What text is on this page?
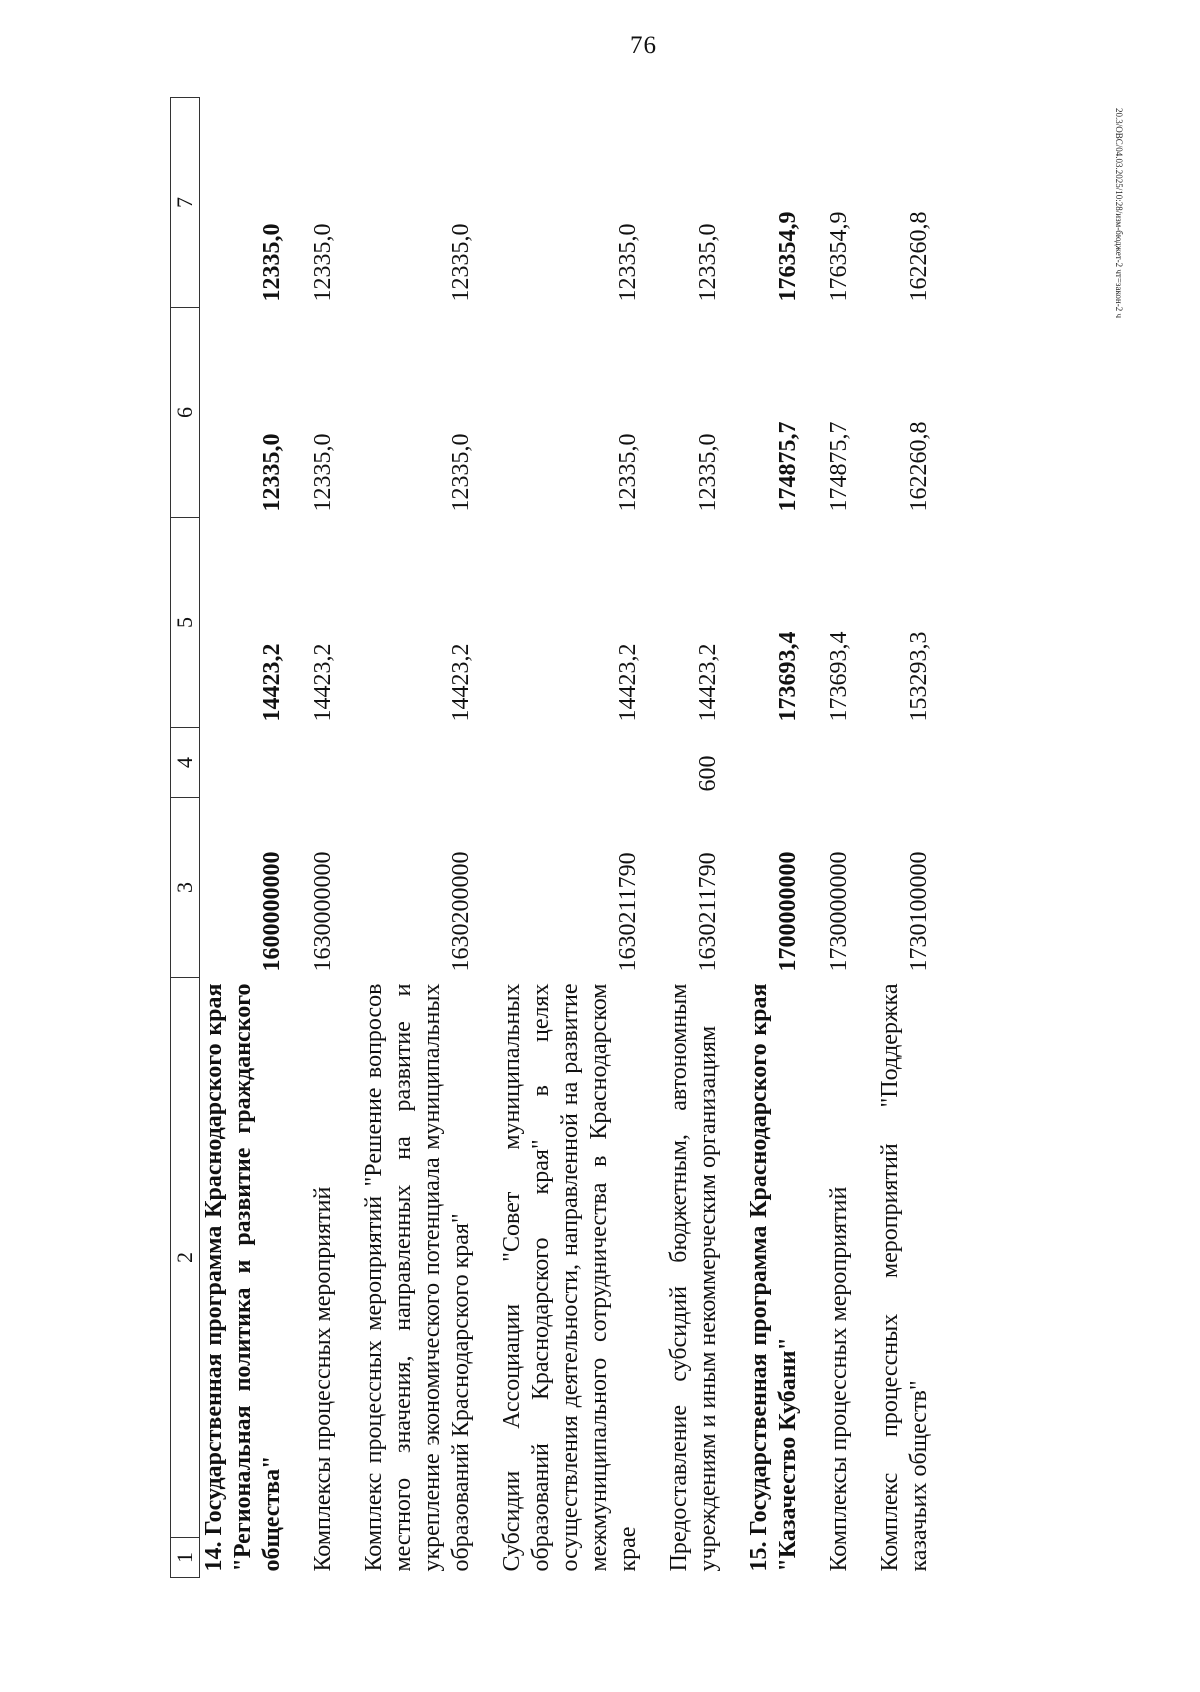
76
20.3/ОВС/04.03.2025/10:28/изм-бюджет-2 чт=закон-2 ч
1	2	3	4	5	6	7
14.Государственная программа Краснодарского края "Региональная политика и развитие гражданского общества"		1600000000		14423,2	12335,0	12335,0
Комплексы процессных мероприятий		1630000000		14423,2	12335,0	12335,0
Комплекс процессных мероприятий "Решение вопросов местного значения, направленных на развитие и укрепление экономического потенциала муниципальных образований Краснодарского края"		1630200000		14423,2	12335,0	12335,0
Субсидии Ассоциации "Совет муниципальных образований Краснодарского края" в целях осуществления деятельности, направленной на развитие межмуниципального сотрудничества в Краснодарском крае		1630211790		14423,2	12335,0	12335,0
Предоставление субсидий бюджетным, автономным учреждениям и иным некоммерческим организациям		1630211790	600	14423,2	12335,0	12335,0
15.Государственная программа Краснодарского края "Казачество Кубани"		1700000000		173693,4	174875,7	176354,9
Комплексы процессных мероприятий		1730000000		173693,4	174875,7	176354,9
Комплекс процессных мероприятий "Поддержка казачьих обществ"		1730100000		153293,3	162260,8	162260,8
